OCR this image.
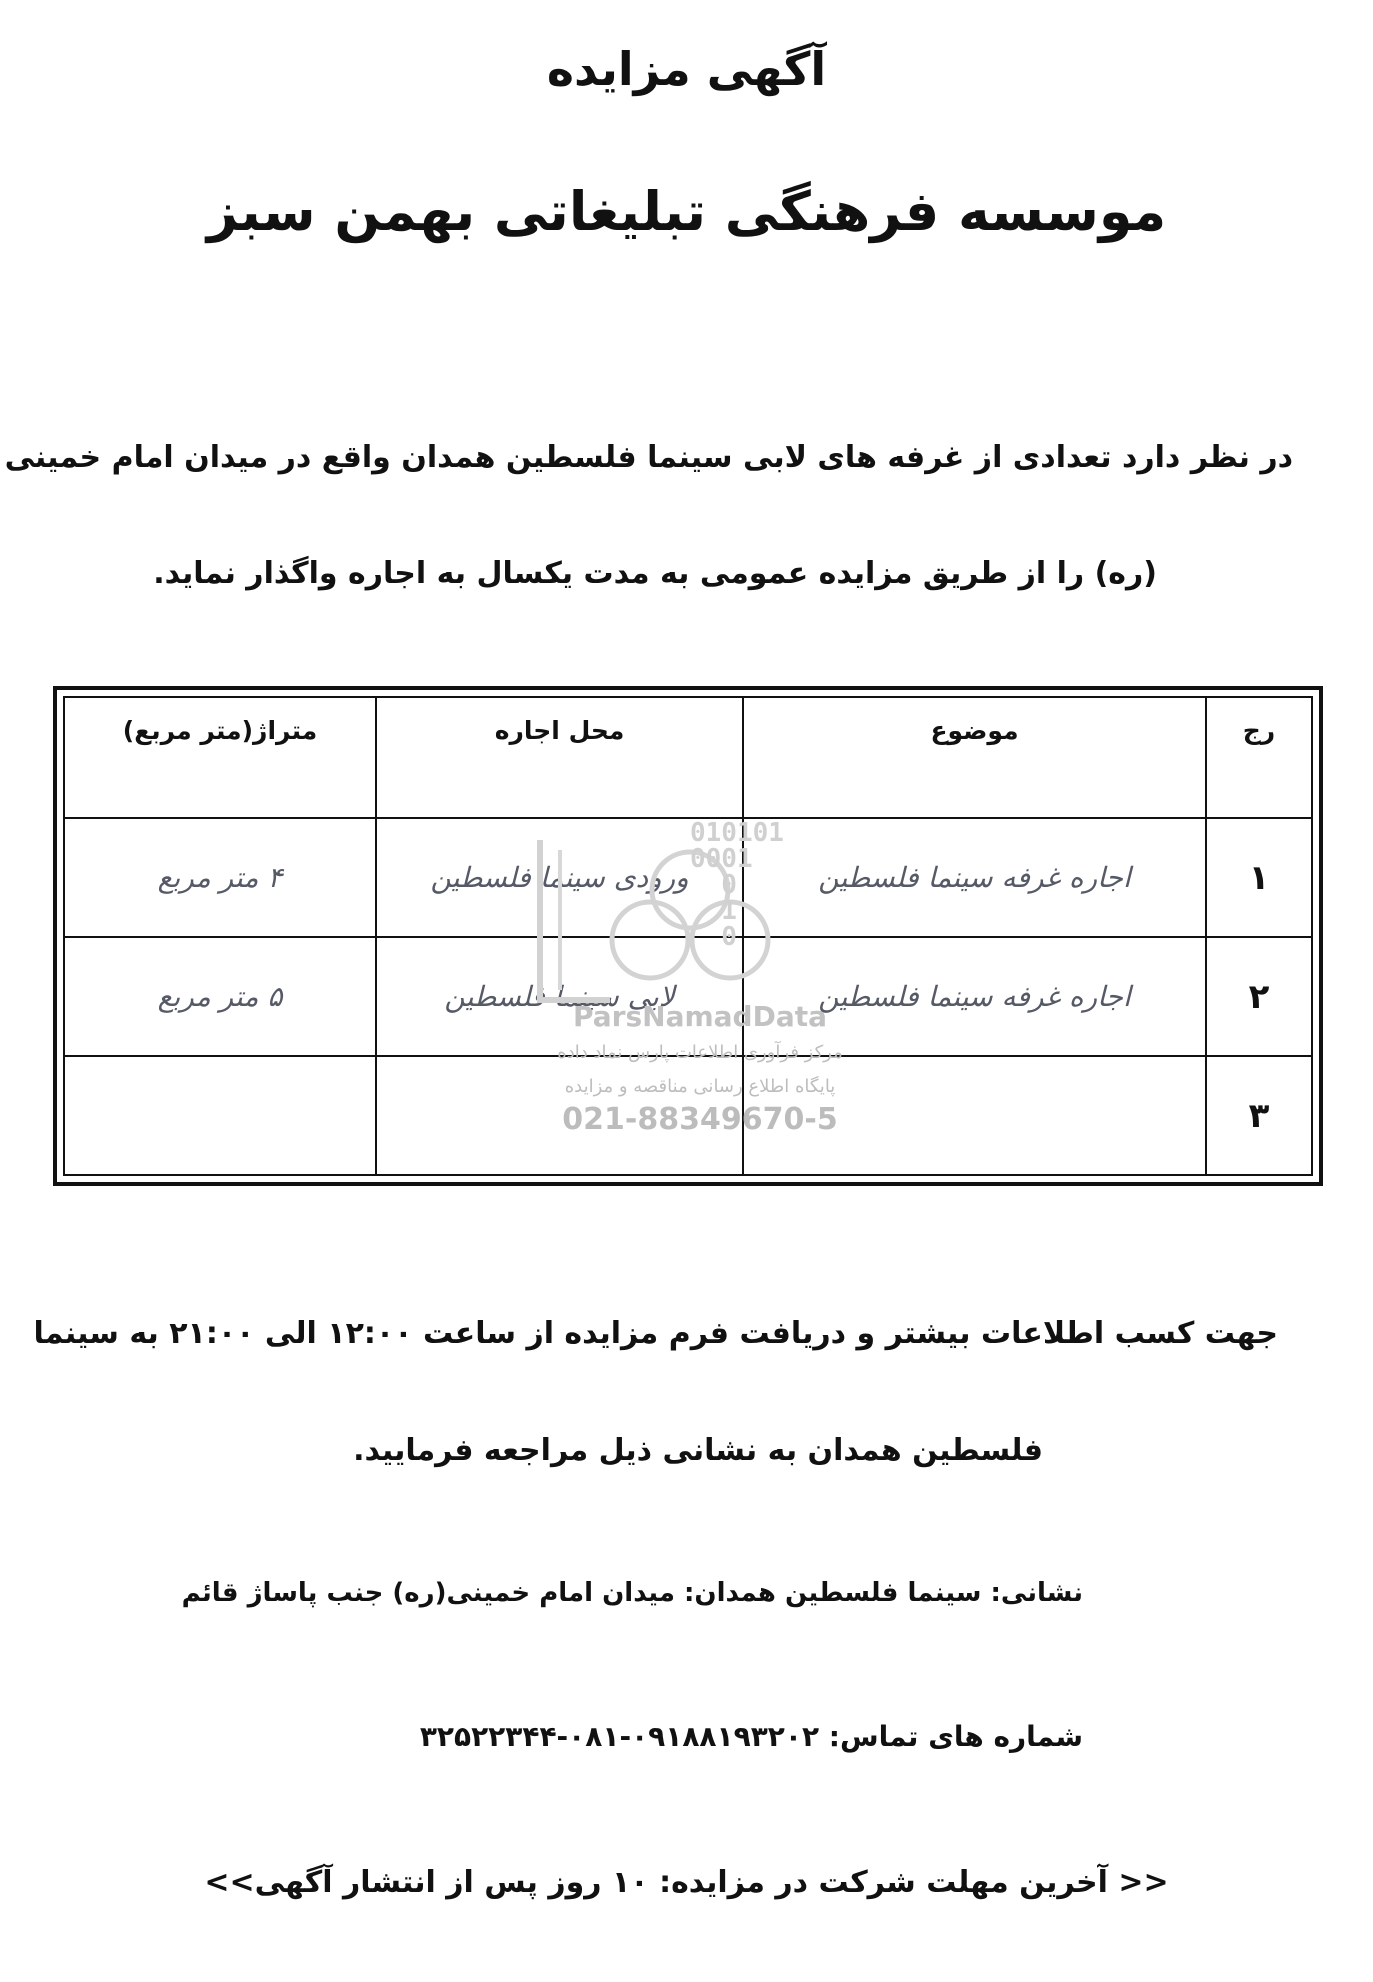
آگهی مزایده
موسسه فرهنگی تبلیغاتی بهمن سبز
در نظر دارد تعدادی از غرفه های لابی سینما فلسطین همدان واقع در میدان امام خمینی
(ره) را از طریق مزایده عمومی به مدت یکسال به اجاره واگذار نماید.
رج	موضوع	محل اجاره	متراژ(متر مربع)
۱	اجاره غرفه سینما فلسطین	ورودی سینما فلسطین	۴ متر مربع
۲	اجاره غرفه سینما فلسطین	لابی سینما فلسطین	۵ متر مربع
۳			
010101
0001
0
1
0
ParsNamadData
مرکز فرآوری اطلاعات پارس نماد داده
پایگاه اطلاع رسانی مناقصه و مزایده
021-88349670-5
جهت کسب اطلاعات بیشتر و دریافت فرم مزایده از ساعت ۱۲:۰۰ الی ۲۱:۰۰ به سینما
فلسطین همدان به نشانی ذیل مراجعه فرمایید.
نشانی: سینما فلسطین همدان: میدان امام خمینی(ره) جنب پاساژ قائم
شماره های تماس: ۰۹۱۸۸۱۹۳۲۰۲-۰۸۱-۳۲۵۲۲۳۴۴
<< آخرین مهلت شرکت در مزایده: ۱۰ روز پس از انتشار آگهی>>
